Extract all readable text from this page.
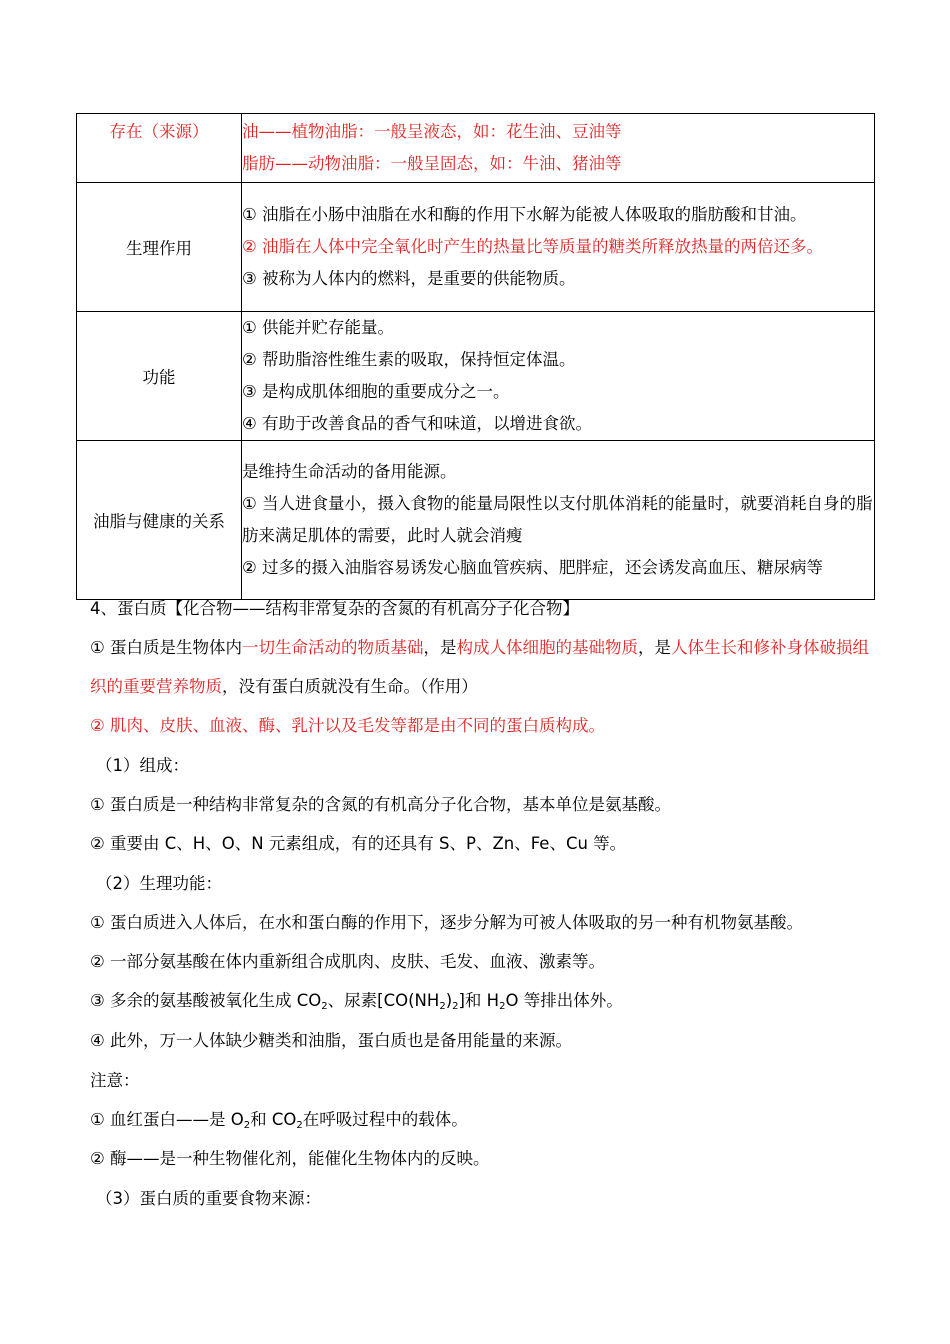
存在（来源）	油——植物油脂：一般呈液态，如：花生油、豆油等
脂肪——动物油脂：一般呈固态，如：牛油、猪油等

生理作用	① 油脂在小肠中油脂在水和酶的作用下水解为能被人体吸取的脂肪酸和甘油。
② 油脂在人体中完全氧化时产生的热量比等质量的糖类所释放热量的两倍还多。
③ 被称为人体内的燃料，是重要的供能物质。

功能	① 供能并贮存能量。
② 帮助脂溶性维生素的吸取，保持恒定体温。
③ 是构成肌体细胞的重要成分之一。
④ 有助于改善食品的香气和味道，以增进食欲。

油脂与健康的关系	是维持生命活动的备用能源。
① 当人进食量小，摄入食物的能量局限性以支付肌体消耗的能量时，就要消耗自身的脂肪来满足肌体的需要，此时人就会消瘦
② 过多的摄入油脂容易诱发心脑血管疾病、肥胖症，还会诱发高血压、糖尿病等
4、蛋白质【化合物——结构非常复杂的含氮的有机高分子化合物】
① 蛋白质是生物体内一切生命活动的物质基础，是构成人体细胞的基础物质，是人体生长和修补身体破损组织的重要营养物质，没有蛋白质就没有生命。（作用）
② 肌肉、皮肤、血液、酶、乳汁以及毛发等都是由不同的蛋白质构成。
（1）组成：
① 蛋白质是一种结构非常复杂的含氮的有机高分子化合物，基本单位是氨基酸。
② 重要由 C、H、O、N 元素组成，有的还具有 S、P、Zn、Fe、Cu 等。
（2）生理功能：
① 蛋白质进入人体后，在水和蛋白酶的作用下，逐步分解为可被人体吸取的另一种有机物氨基酸。
② 一部分氨基酸在体内重新组合成肌肉、皮肤、毛发、血液、激素等。
③ 多余的氨基酸被氧化生成 $CO_2$、尿素$[CO(NH_2)_2]$和 $H_2O$ 等排出体外。
④ 此外，万一人体缺少糖类和油脂，蛋白质也是备用能量的来源。
注意：
① 血红蛋白——是 $O_2$和 $CO_2$在呼吸过程中的载体。
② 酶——是一种生物催化剂，能催化生物体内的反映。
（3）蛋白质的重要食物来源：
